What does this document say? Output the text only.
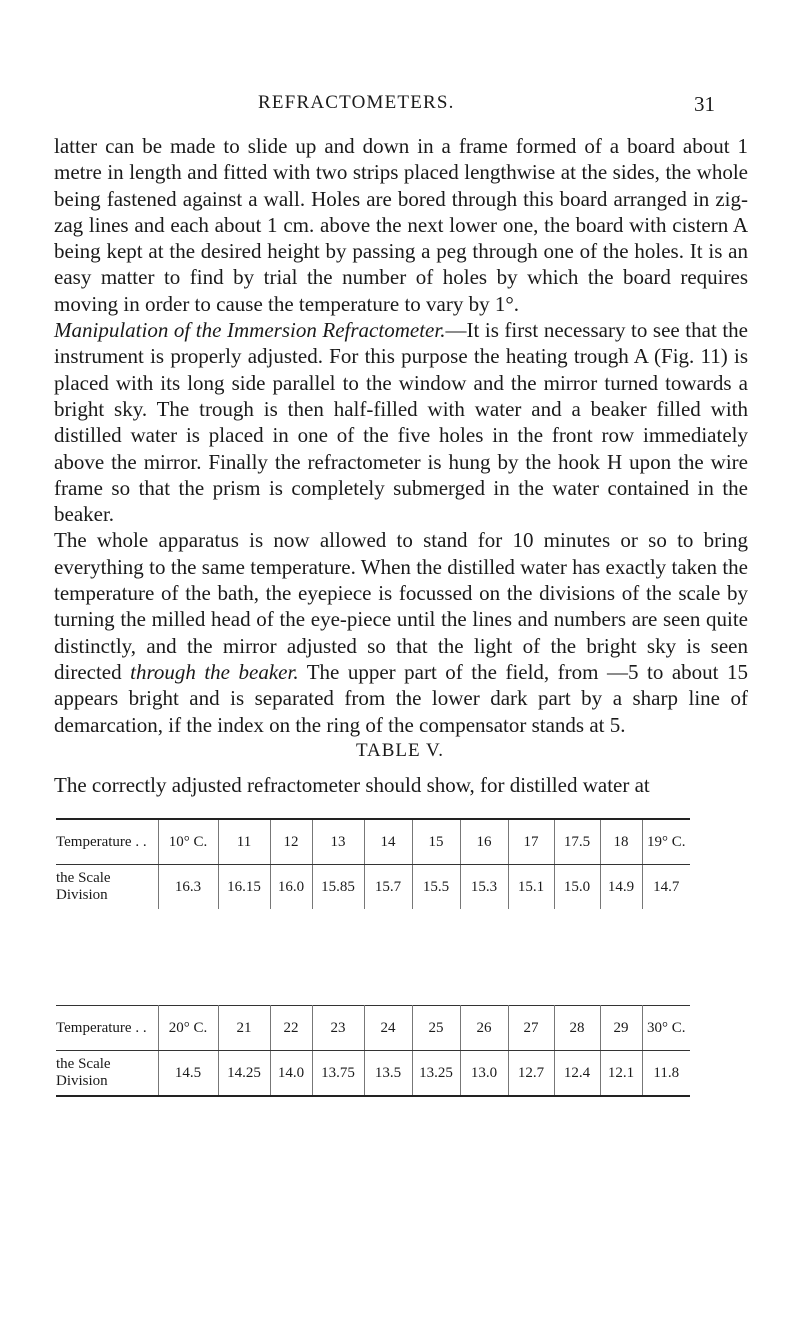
REFRACTOMETERS.	31

latter can be made to slide up and down in a frame formed of a board about 1 metre in length and fitted with two strips placed lengthwise at the sides, the whole being fastened against a wall. Holes are bored through this board arranged in zig-zag lines and each about 1 cm. above the next lower one, the board with cistern A being kept at the desired height by passing a peg through one of the holes. It is an easy matter to find by trial the number of holes by which the board requires moving in order to cause the temperature to vary by 1°.

Manipulation of the Immersion Refractometer.—It is first necessary to see that the instrument is properly adjusted. For this purpose the heating trough A (Fig. 11) is placed with its long side parallel to the window and the mirror turned towards a bright sky. The trough is then half-filled with water and a beaker filled with distilled water is placed in one of the five holes in the front row immediately above the mirror. Finally the refractometer is hung by the hook H upon the wire frame so that the prism is completely submerged in the water contained in the beaker.

The whole apparatus is now allowed to stand for 10 minutes or so to bring everything to the same temperature. When the distilled water has exactly taken the temperature of the bath, the eyepiece is focussed on the divisions of the scale by turning the milled head of the eye-piece until the lines and numbers are seen quite distinctly, and the mirror adjusted so that the light of the bright sky is seen directed through the beaker. The upper part of the field, from —5 to about 15 appears bright and is separated from the lower dark part by a sharp line of demarcation, if the index on the ring of the compensator stands at 5.

TABLE V.
The correctly adjusted refractometer should show, for distilled water at
Temperature . .	10° C.	11	12	13	14	15	16	17	17.5	18	19° C.
the Scale Division	16.3	16.15	16.0	15.85	15.7	15.5	15.3	15.1	15.0	14.9	14.7
Temperature . .	20° C.	21	22	23	24	25	26	27	28	29	30° C.
the Scale Division	14.5	14.25	14.0	13.75	13.5	13.25	13.0	12.7	12.4	12.1	11.8
